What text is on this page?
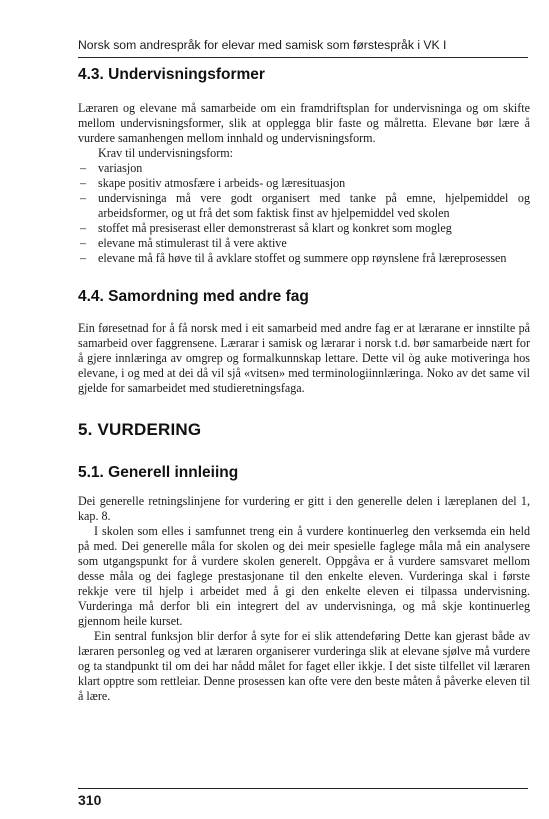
Norsk som andrespråk for elevar med samisk som førstespråk i VK I
4.3. Undervisningsformer

Læraren og elevane må samarbeide om ein framdriftsplan for undervisninga og om skifte mellom undervisningsformer, slik at opplegga blir faste og målretta. Elevane bør lære å vurdere samanhengen mellom innhald og undervisningsform.

Krav til undervisningsform:
– variasjon
– skape positiv atmosfære i arbeids- og læresituasjon
– undervisninga må vere godt organisert med tanke på emne, hjelpemiddel og arbeidsformer, og ut frå det som faktisk finst av hjelpemiddel ved skolen
– stoffet må presiserast eller demonstrerast så klart og konkret som mogleg
– elevane må stimulerast til å vere aktive
– elevane må få høve til å avklare stoffet og summere opp røynslene frå læreprosessen
4.4. Samordning med andre fag

Ein føresetnad for å få norsk med i eit samarbeid med andre fag er at lærarane er innstilte på samarbeid over faggrensene. Lærarar i samisk og lærarar i norsk t.d. bør samarbeide nært for å gjere innlæringa av omgrep og formalkunnskap lettare. Dette vil òg auke motiveringa hos elevane, i og med at dei då vil sjå «vitsen» med terminologiinnlæringa. Noko av det same vil gjelde for samarbeidet med studieretningsfaga.

5. VURDERING
5.1. Generell innleiing

Dei generelle retningslinjene for vurdering er gitt i den generelle delen i læreplanen del 1, kap. 8.

I skolen som elles i samfunnet treng ein å vurdere kontinuerleg den verksemda ein held på med. Dei generelle måla for skolen og dei meir spesielle faglege måla må ein analysere som utgangspunkt for å vurdere skolen generelt. Oppgåva er å vurdere samsvaret mellom desse måla og dei faglege prestasjonane til den enkelte eleven. Vurderinga skal i første rekkje vere til hjelp i arbeidet med å gi den enkelte eleven ei tilpassa undervisning. Vurderinga må derfor bli ein integrert del av undervisninga, og må skje kontinuerleg gjennom heile kurset.

Ein sentral funksjon blir derfor å syte for ei slik attendeføring Dette kan gjerast både av læraren personleg og ved at læraren organiserer vurderinga slik at elevane sjølve må vurdere og ta standpunkt til om dei har nådd målet for faget eller ikkje. I det siste tilfellet vil læraren klart opptre som rettleiar. Denne prosessen kan ofte vere den beste måten å påverke eleven til å lære.

310
